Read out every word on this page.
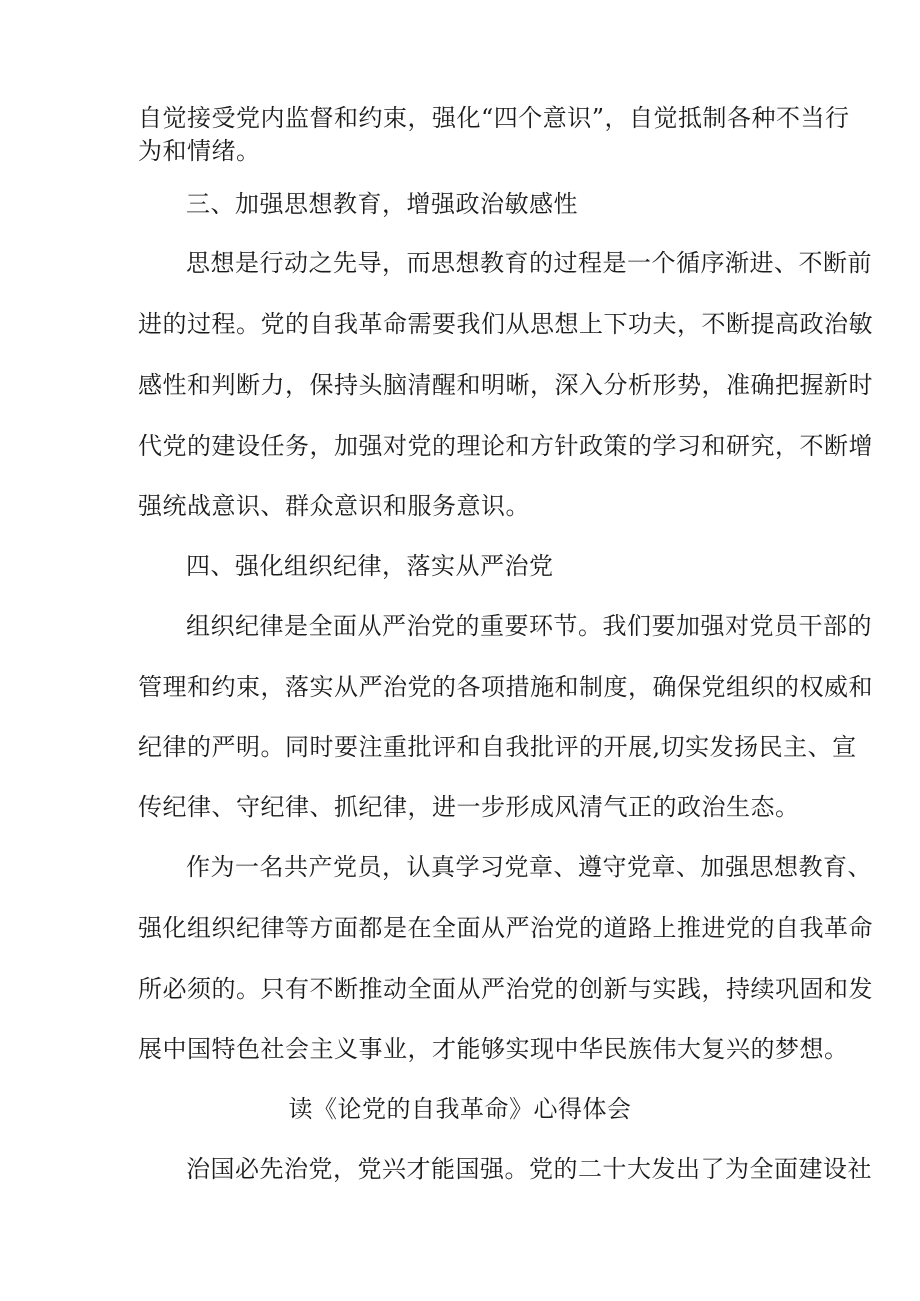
自觉接受党内监督和约束，强化“四个意识”，自觉抵制各种不当行
为和情绪。
三、加强思想教育，增强政治敏感性
思想是行动之先导，而思想教育的过程是一个循序渐进、不断前
进的过程。党的自我革命需要我们从思想上下功夫，不断提高政治敏
感性和判断力，保持头脑清醒和明晰，深入分析形势，准确把握新时
代党的建设任务，加强对党的理论和方针政策的学习和研究，不断增
强统战意识、群众意识和服务意识。
四、强化组织纪律，落实从严治党
组织纪律是全面从严治党的重要环节。我们要加强对党员干部的
管理和约束，落实从严治党的各项措施和制度，确保党组织的权威和
纪律的严明。同时要注重批评和自我批评的开展,切实发扬民主、宣
传纪律、守纪律、抓纪律，进一步形成风清气正的政治生态。
作为一名共产党员，认真学习党章、遵守党章、加强思想教育、
强化组织纪律等方面都是在全面从严治党的道路上推进党的自我革命
所必须的。只有不断推动全面从严治党的创新与实践，持续巩固和发
展中国特色社会主义事业，才能够实现中华民族伟大复兴的梦想。
读《论党的自我革命》心得体会
治国必先治党，党兴才能国强。党的二十大发出了为全面建设社
